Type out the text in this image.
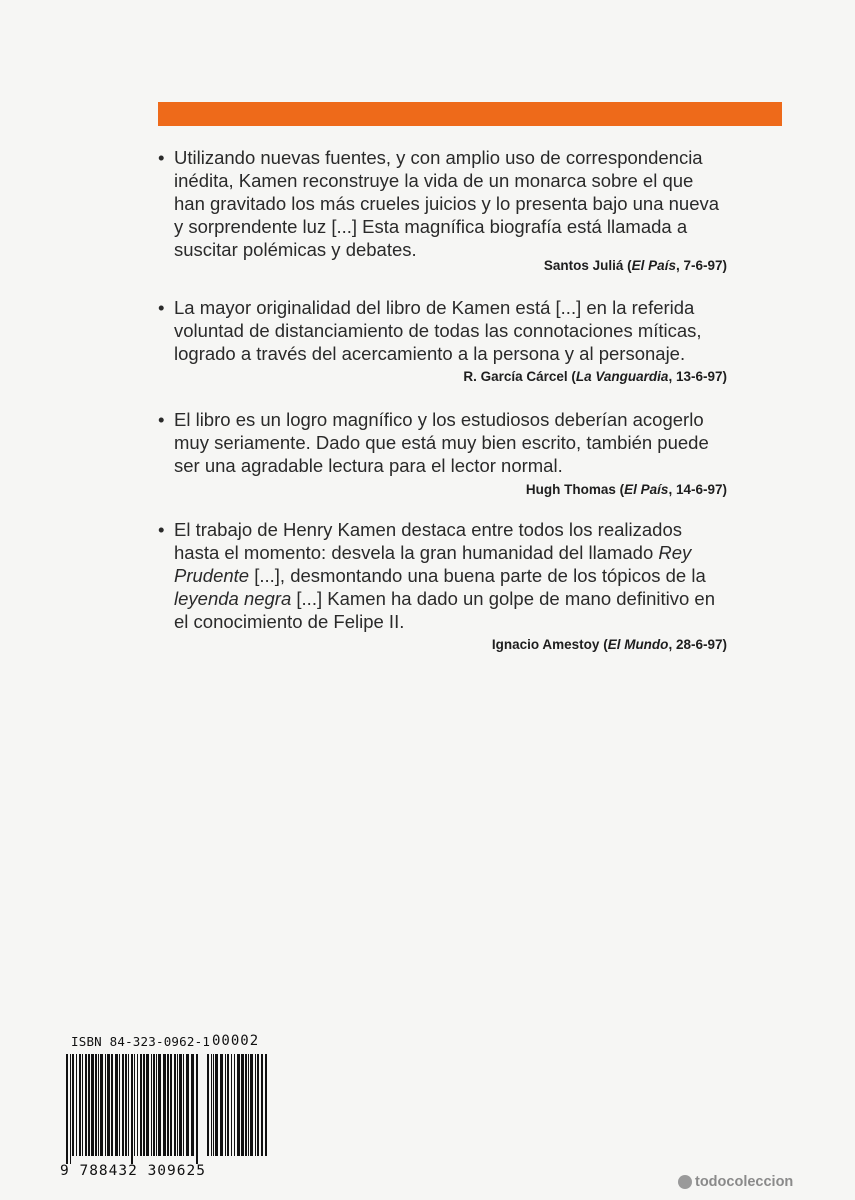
• Utilizando nuevas fuentes, y con amplio uso de correspondencia inédita, Kamen reconstruye la vida de un monarca sobre el que han gravitado los más crueles juicios y lo presenta bajo una nueva y sorprendente luz [...] Esta magnífica biografía está llamada a suscitar polémicas y debates.
Santos Juliá (El País, 7-6-97)
• La mayor originalidad del libro de Kamen está [...] en la referida voluntad de distanciamiento de todas las connotaciones míticas, logrado a través del acercamiento a la persona y al personaje.
R. García Cárcel (La Vanguardia, 13-6-97)
• El libro es un logro magnífico y los estudiosos deberían acogerlo muy seriamente. Dado que está muy bien escrito, también puede ser una agradable lectura para el lector normal.
Hugh Thomas (El País, 14-6-97)
• El trabajo de Henry Kamen destaca entre todos los realizados hasta el momento: desvela la gran humanidad del llamado Rey Prudente [...], desmontando una buena parte de los tópicos de la leyenda negra [...] Kamen ha dado un golpe de mano definitivo en el conocimiento de Felipe II.
Ignacio Amestoy (El Mundo, 28-6-97)
ISBN 84-323-0962-1 00002
9 788432 309625
todocoleccion
